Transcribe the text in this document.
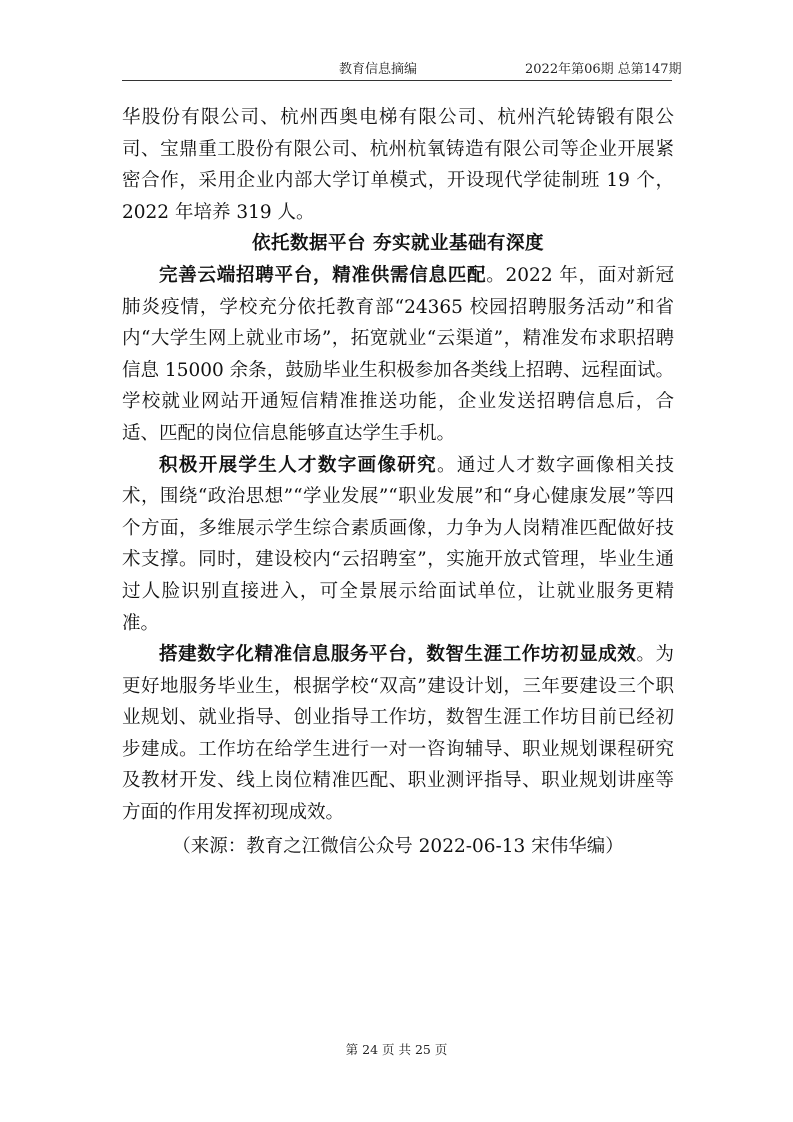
教育信息摘编	2022年第06期 总第147期

华股份有限公司、杭州西奥电梯有限公司、杭州汽轮铸锻有限公司、宝鼎重工股份有限公司、杭州杭氧铸造有限公司等企业开展紧密合作，采用企业内部大学订单模式，开设现代学徒制班 19 个，2022 年培养 319 人。

依托数据平台 夯实就业基础有深度

完善云端招聘平台，精准供需信息匹配。2022 年，面对新冠肺炎疫情，学校充分依托教育部“24365 校园招聘服务活动”和省内“大学生网上就业市场”，拓宽就业“云渠道”，精准发布求职招聘信息 15000 余条，鼓励毕业生积极参加各类线上招聘、远程面试。学校就业网站开通短信精准推送功能，企业发送招聘信息后，合适、匹配的岗位信息能够直达学生手机。

积极开展学生人才数字画像研究。通过人才数字画像相关技术，围绕“政治思想”“学业发展”“职业发展”和“身心健康发展”等四个方面，多维展示学生综合素质画像，力争为人岗精准匹配做好技术支撑。同时，建设校内“云招聘室”，实施开放式管理，毕业生通过人脸识别直接进入，可全景展示给面试单位，让就业服务更精准。

搭建数字化精准信息服务平台，数智生涯工作坊初显成效。为更好地服务毕业生，根据学校“双高”建设计划，三年要建设三个职业规划、就业指导、创业指导工作坊，数智生涯工作坊目前已经初步建成。工作坊在给学生进行一对一咨询辅导、职业规划课程研究及教材开发、线上岗位精准匹配、职业测评指导、职业规划讲座等方面的作用发挥初现成效。

（来源：教育之江微信公众号 2022-06-13 宋伟华编）

第 24 页 共 25 页
